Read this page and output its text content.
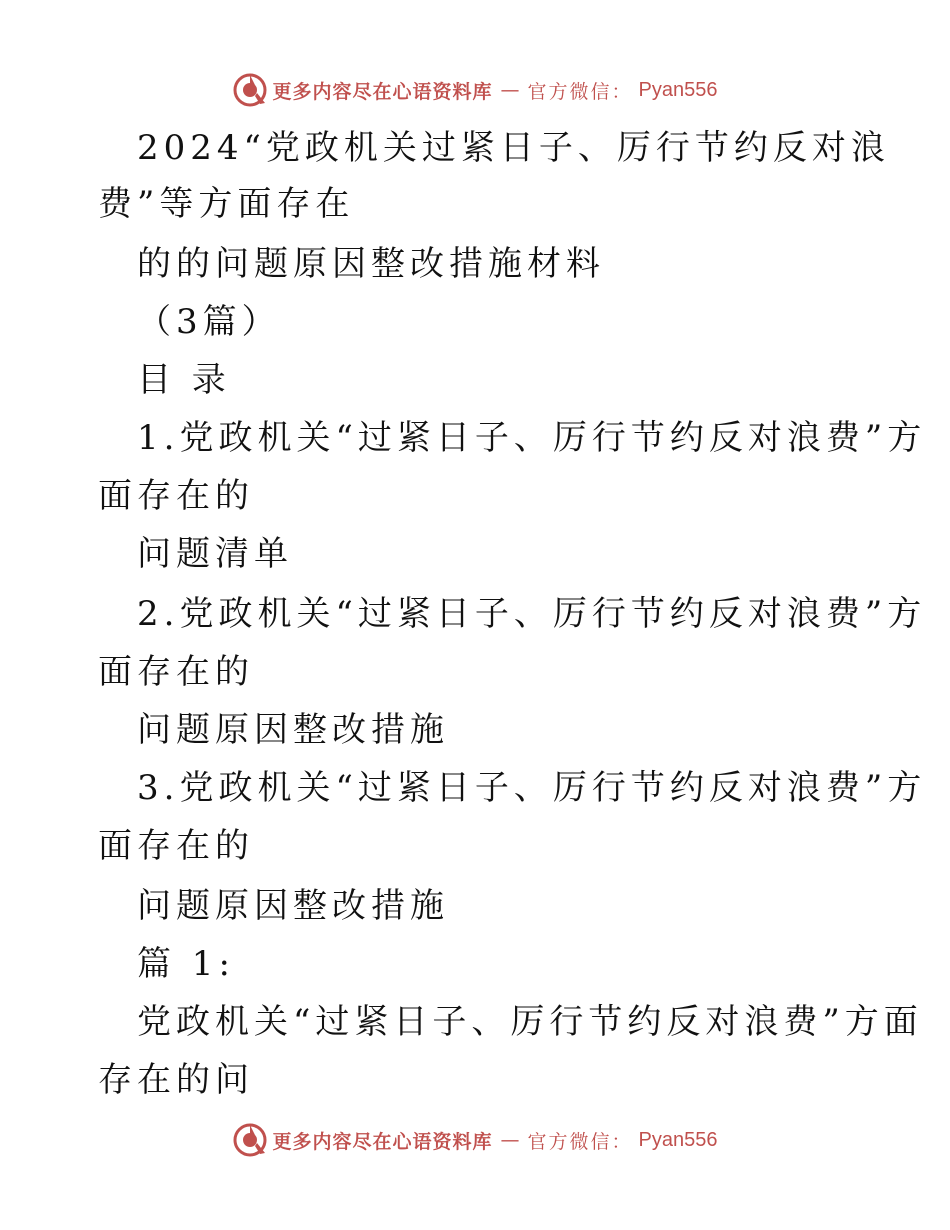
更多内容尽在心语资料库 — 官方微信： Pyan556
2024“党政机关过紧日子、厉行节约反对浪
费”等方面存在
的的问题原因整改措施材料
（3篇）
目 录
1.党政机关“过紧日子、厉行节约反对浪费”方
面存在的
问题清单
2.党政机关“过紧日子、厉行节约反对浪费”方
面存在的
问题原因整改措施
3.党政机关“过紧日子、厉行节约反对浪费”方
面存在的
问题原因整改措施
篇 1:
党政机关“过紧日子、厉行节约反对浪费”方面
存在的问
更多内容尽在心语资料库 — 官方微信： Pyan556
